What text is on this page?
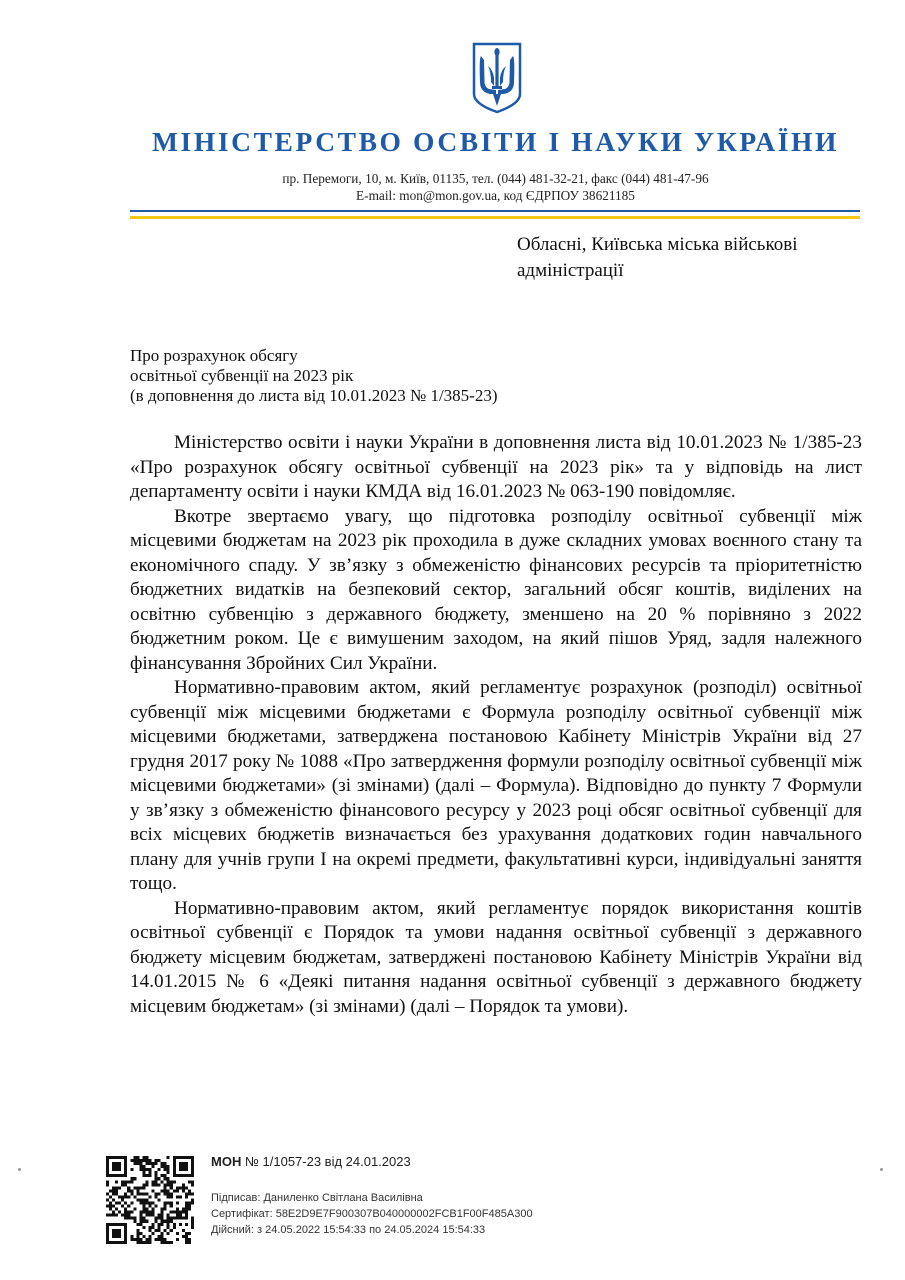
МІНІСТЕРСТВО ОСВІТИ І НАУКИ УКРАЇНИ
пр. Перемоги, 10, м. Київ, 01135, тел. (044) 481-32-21, факс (044) 481-47-96
E-mail: mon@mon.gov.ua, код ЄДРПОУ 38621185
Обласні, Київська міська військові
адміністрації
Про розрахунок обсягу
освітньої субвенції на 2023 рік
(в доповнення до листа від 10.01.2023 № 1/385-23)

Міністерство освіти і науки України в доповнення листа від 10.01.2023 № 1/385-23 «Про розрахунок обсягу освітньої субвенції на 2023 рік» та у відповідь на лист департаменту освіти і науки КМДА від 16.01.2023 № 063-190 повідомляє.

Вкотре звертаємо увагу, що підготовка розподілу освітньої субвенції між місцевими бюджетам на 2023 рік проходила в дуже складних умовах воєнного стану та економічного спаду. У зв’язку з обмеженістю фінансових ресурсів та пріоритетністю бюджетних видатків на безпековий сектор, загальний обсяг коштів, виділених на освітню субвенцію з державного бюджету, зменшено на 20 % порівняно з 2022 бюджетним роком. Це є вимушеним заходом, на який пішов Уряд, задля належного фінансування Збройних Сил України.

Нормативно-правовим актом, який регламентує розрахунок (розподіл) освітньої субвенції між місцевими бюджетами є Формула розподілу освітньої субвенції між місцевими бюджетами, затверджена постановою Кабінету Міністрів України від 27 грудня 2017 року № 1088 «Про затвердження формули розподілу освітньої субвенції між місцевими бюджетами» (зі змінами) (далі – Формула). Відповідно до пункту 7 Формули у зв’язку з обмеженістю фінансового ресурсу у 2023 році обсяг освітньої субвенції для всіх місцевих бюджетів визначається без урахування додаткових годин навчального плану для учнів групи І на окремі предмети, факультативні курси, індивідуальні заняття тощо.

Нормативно-правовим актом, який регламентує порядок використання коштів освітньої субвенції є Порядок та умови надання освітньої субвенції з державного бюджету місцевим бюджетам, затверджені постановою Кабінету Міністрів України від 14.01.2015 № 6 «Деякі питання надання освітньої субвенції з державного бюджету місцевим бюджетам» (зі змінами) (далі – Порядок та умови).

МОН № 1/1057-23 від 24.01.2023
Підписав: Даниленко Світлана Василівна
Сертифікат: 58E2D9E7F900307B040000002FCB1F00F485A300
Дійсний: з 24.05.2022 15:54:33 по 24.05.2024 15:54:33
